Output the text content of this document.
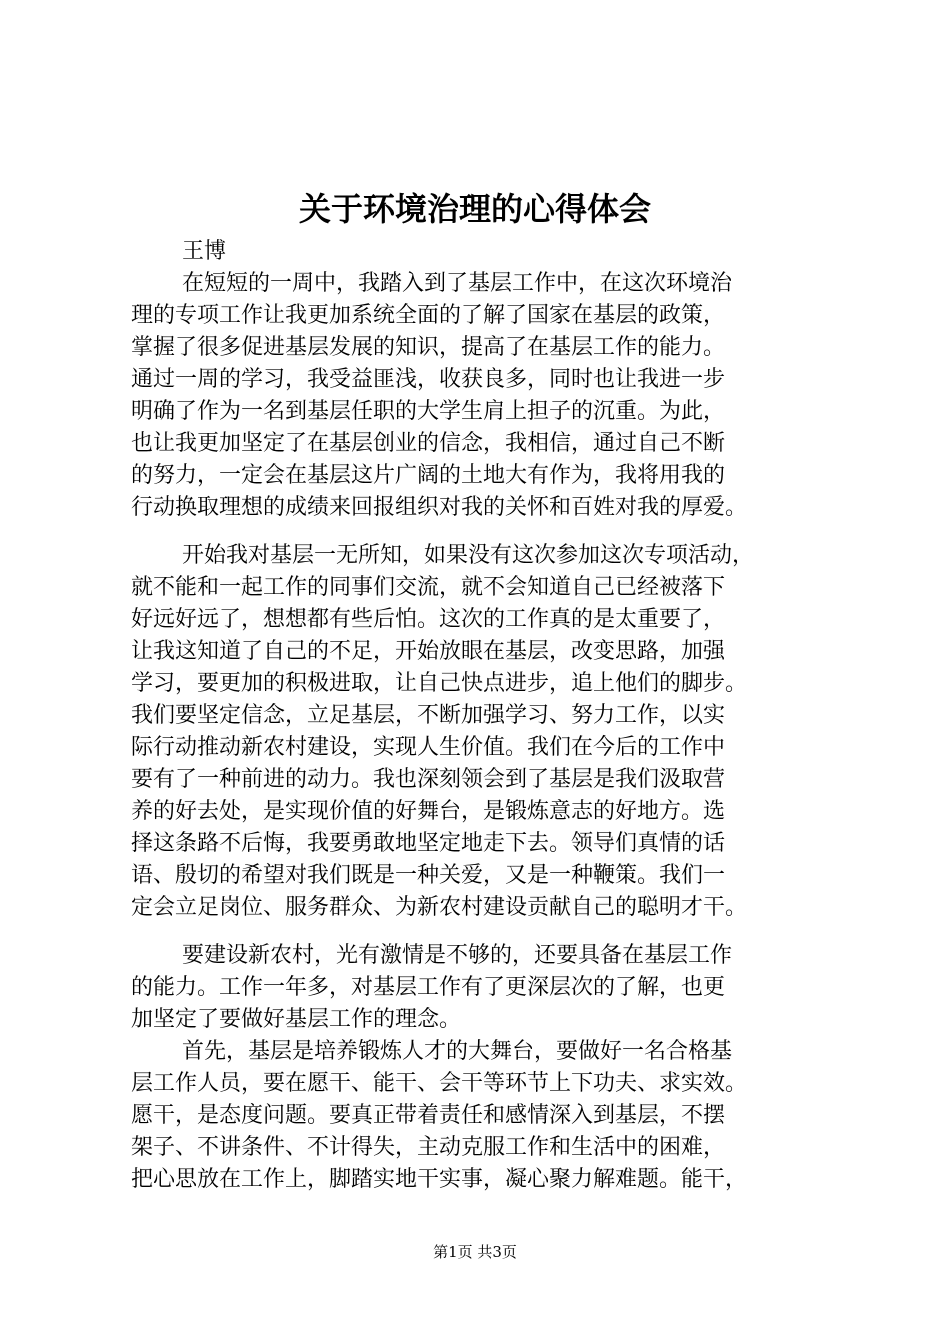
关于环境治理的心得体会

王博

在短短的一周中，我踏入到了基层工作中，在这次环境治
理的专项工作让我更加系统全面的了解了国家在基层的政策，
掌握了很多促进基层发展的知识，提高了在基层工作的能力。
通过一周的学习，我受益匪浅，收获良多，同时也让我进一步
明确了作为一名到基层任职的大学生肩上担子的沉重。为此，
也让我更加坚定了在基层创业的信念，我相信，通过自己不断
的努力，一定会在基层这片广阔的土地大有作为，我将用我的
行动换取理想的成绩来回报组织对我的关怀和百姓对我的厚爱。
开始我对基层一无所知，如果没有这次参加这次专项活动，
就不能和一起工作的同事们交流，就不会知道自己已经被落下
好远好远了，想想都有些后怕。这次的工作真的是太重要了，
让我这知道了自己的不足，开始放眼在基层，改变思路，加强
学习，要更加的积极进取，让自己快点进步，追上他们的脚步。
我们要坚定信念，立足基层，不断加强学习、努力工作，以实
际行动推动新农村建设，实现人生价值。我们在今后的工作中
要有了一种前进的动力。我也深刻领会到了基层是我们汲取营
养的好去处，是实现价值的好舞台，是锻炼意志的好地方。选
择这条路不后悔，我要勇敢地坚定地走下去。领导们真情的话
语、殷切的希望对我们既是一种关爱，又是一种鞭策。我们一
定会立足岗位、服务群众、为新农村建设贡献自己的聪明才干。
要建设新农村，光有激情是不够的，还要具备在基层工作
的能力。工作一年多，对基层工作有了更深层次的了解，也更
加坚定了要做好基层工作的理念。
首先，基层是培养锻炼人才的大舞台，要做好一名合格基
层工作人员，要在愿干、能干、会干等环节上下功夫、求实效。
愿干，是态度问题。要真正带着责任和感情深入到基层，不摆
架子、不讲条件、不计得失，主动克服工作和生活中的困难，
把心思放在工作上，脚踏实地干实事，凝心聚力解难题。能干，
第1页 共3页
